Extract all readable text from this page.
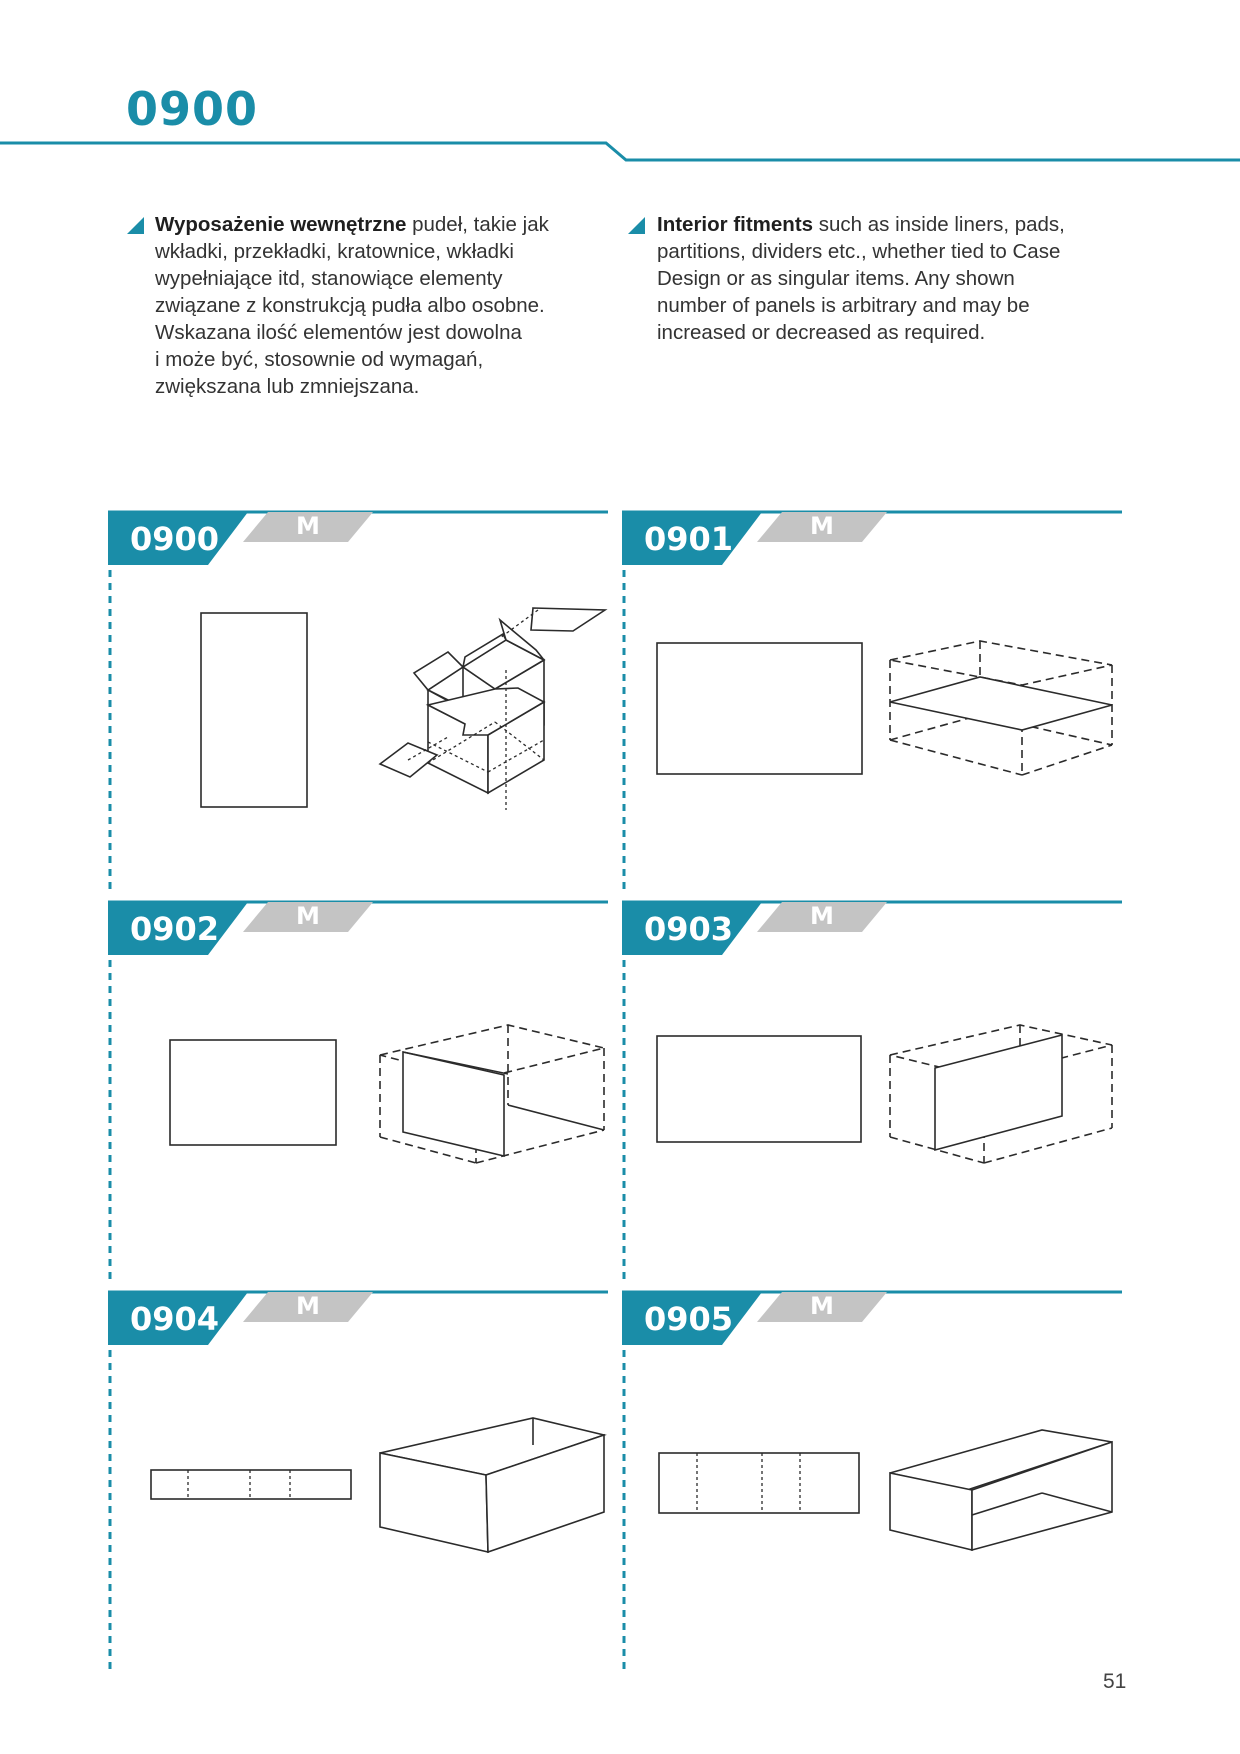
0900
Wyposażenie wewnętrzne pudeł, takie jak
wkładki, przekładki, kratownice, wkładki
wypełniające itd, stanowiące elementy
związane z konstrukcją pudła albo osobne.
Wskazana ilość elementów jest dowolna
i może być, stosownie od wymagań,
zwiększana lub zmniejszana.
Interior fitments such as inside liners, pads,
partitions, dividers etc., whether tied to Case
Design or as singular items. Any shown
number of panels is arbitrary and may be
increased or decreased as required.
0900	M	0901	M
0902	M	0903	M
0904	M	0905	M
51
